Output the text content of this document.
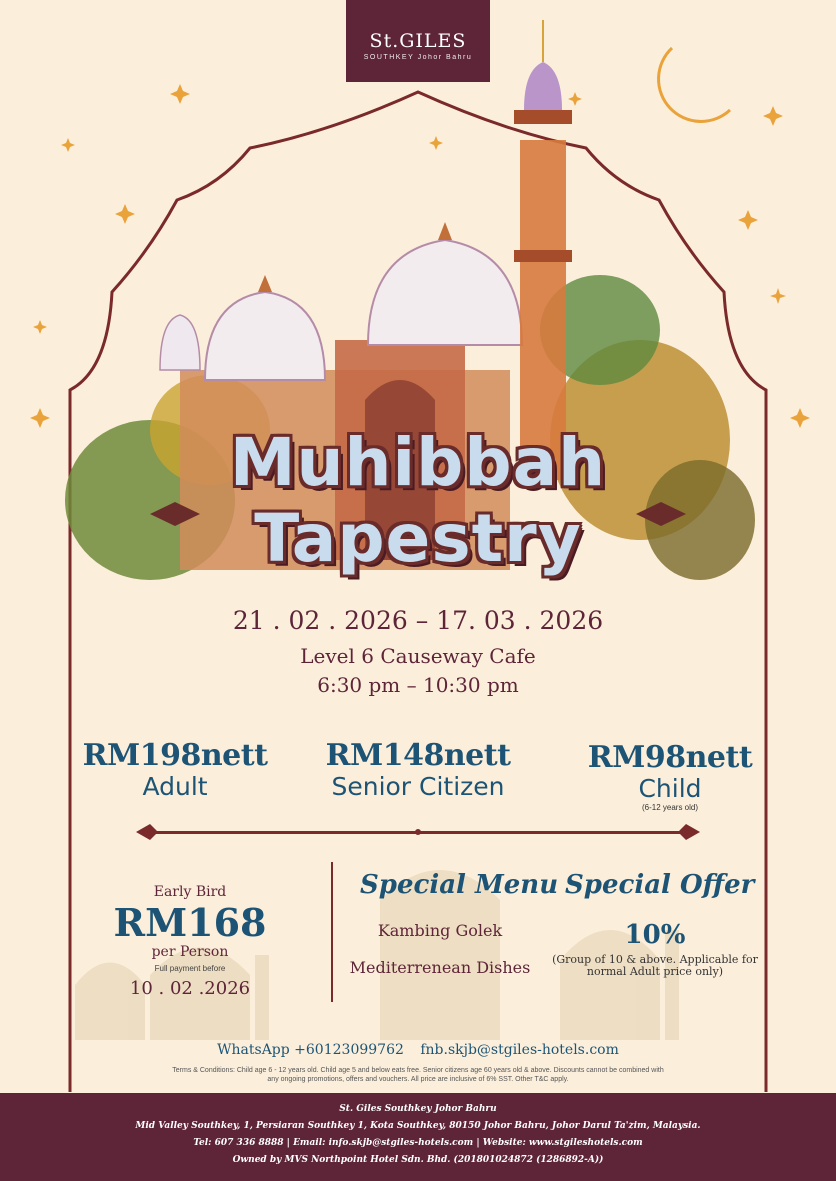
St.GILES
SOUTHKEY Johor Bahru
Muhibbah
Tapestry
21 . 02 . 2026 – 17. 03 . 2026
Level 6 Causeway Cafe
6:30 pm – 10:30 pm
RM198nett
Adult
RM148nett
Senior Citizen
RM98nett
Child
(6-12 years old)
Early Bird
RM168
per Person
Full payment before
10 . 02 .2026
Special Menu
Kambing Golek
Mediterrenean Dishes
Special Offer
10%
(Group of 10 & above. Applicable for normal Adult price only)
WhatsApp +60123099762 fnb.skjb@stgiles-hotels.com
Terms & Conditions: Child age 6 - 12 years old. Child age 5 and below eats free. Senior citizens age 60 years old & above. Discounts cannot be combined with any ongoing promotions, offers and vouchers. All price are inclusive of 6% SST. Other T&C apply.
St. Giles Southkey Johor Bahru
Mid Valley Southkey, 1, Persiaran Southkey 1, Kota Southkey, 80150 Johor Bahru, Johor Darul Ta'zim, Malaysia.
Tel: 607 336 8888 | Email: info.skjb@stgiles-hotels.com | Website: www.stgileshotels.com
Owned by MVS Northpoint Hotel Sdn. Bhd. (201801024872 (1286892-A))
